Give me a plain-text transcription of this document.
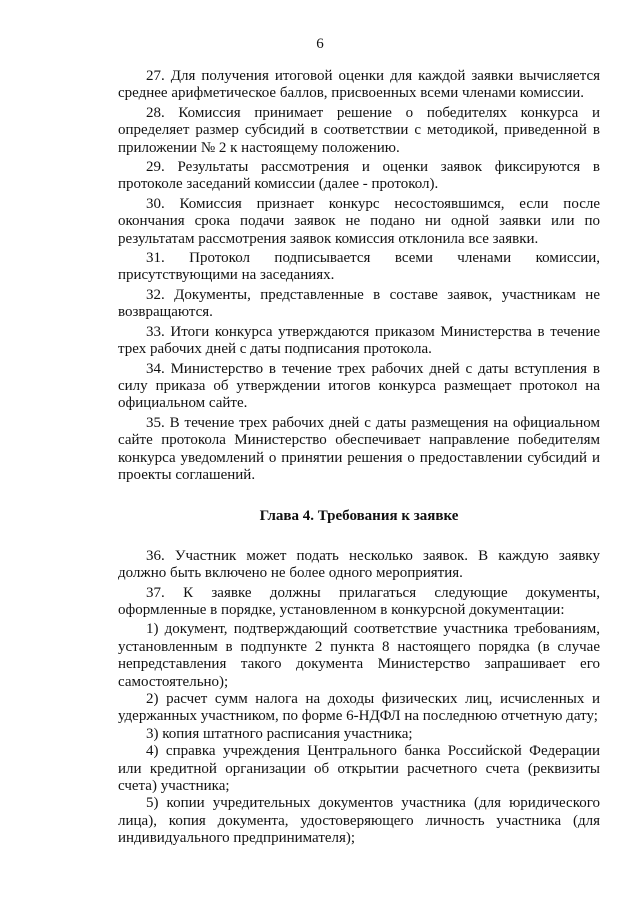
6

27. Для получения итоговой оценки для каждой заявки вычисляется среднее арифметическое баллов, присвоенных всеми членами комиссии.

28. Комиссия принимает решение о победителях конкурса и определяет размер субсидий в соответствии с методикой, приведенной в приложении № 2 к настоящему положению.

29. Результаты рассмотрения и оценки заявок фиксируются в протоколе заседаний комиссии (далее - протокол).

30. Комиссия признает конкурс несостоявшимся, если после окончания срока подачи заявок не подано ни одной заявки или по результатам рассмотрения заявок комиссия отклонила все заявки.

31. Протокол подписывается всеми членами комиссии, присутствующими на заседаниях.

32. Документы, представленные в составе заявок, участникам не возвращаются.

33. Итоги конкурса утверждаются приказом Министерства в течение трех рабочих дней с даты подписания протокола.

34. Министерство в течение трех рабочих дней с даты вступления в силу приказа об утверждении итогов конкурса размещает протокол на официальном сайте.

35. В течение трех рабочих дней с даты размещения на официальном сайте протокола Министерство обеспечивает направление победителям конкурса уведомлений о принятии решения о предоставлении субсидий и проекты соглашений.

Глава 4. Требования к заявке

36. Участник может подать несколько заявок. В каждую заявку должно быть включено не более одного мероприятия.

37. К заявке должны прилагаться следующие документы, оформленные в порядке, установленном в конкурсной документации:

1) документ, подтверждающий соответствие участника требованиям, установленным в подпункте 2 пункта 8 настоящего порядка (в случае непредставления такого документа Министерство запрашивает его самостоятельно);

2) расчет сумм налога на доходы физических лиц, исчисленных и удержанных участником, по форме 6-НДФЛ на последнюю отчетную дату;

3) копия штатного расписания участника;

4) справка учреждения Центрального банка Российской Федерации или кредитной организации об открытии расчетного счета (реквизиты счета) участника;

5) копии учредительных документов участника (для юридического лица), копия документа, удостоверяющего личность участника (для индивидуального предпринимателя);
